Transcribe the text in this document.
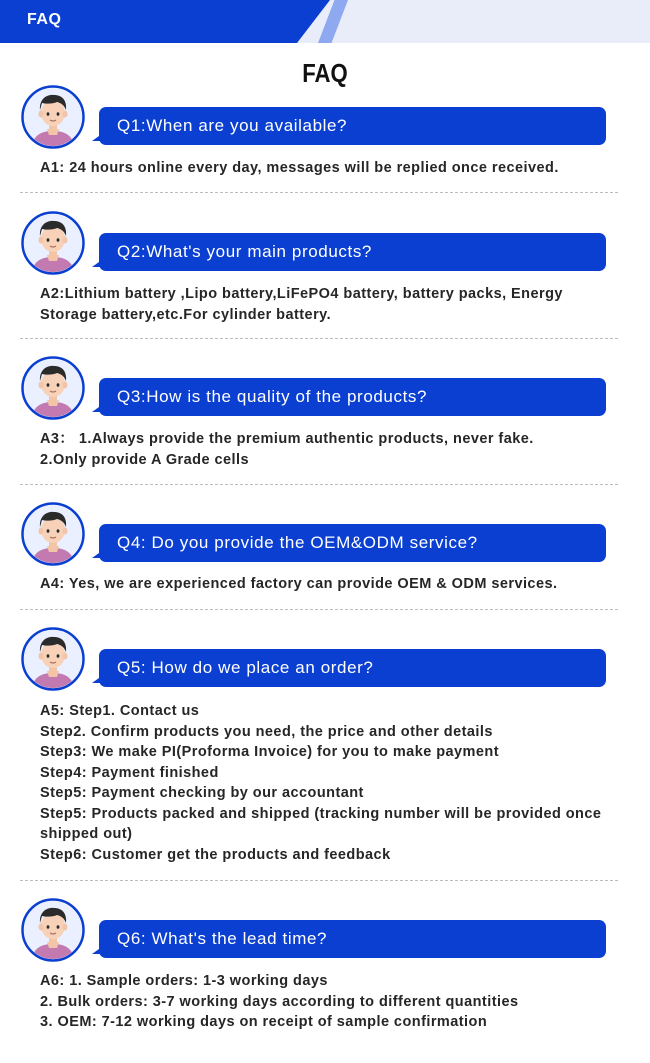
FAQ
FAQ
Q1:When are you available?
A1: 24 hours online every day, messages will be replied once received.
Q2:What's your main products?
A2:Lithium battery ,Lipo battery,LiFePO4 battery, battery packs, Energy Storage battery,etc.For cylinder battery.
Q3:How is the quality of the products?
A3： 1.Always provide the premium authentic products, never fake.
2.Only provide A Grade cells
Q4: Do you provide the OEM&ODM service?
A4: Yes, we are experienced factory can provide OEM & ODM services.
Q5: How do we place an order?
A5: Step1. Contact us
Step2. Confirm products you need, the price and other details
Step3: We make PI(Proforma Invoice) for you to make payment
Step4: Payment finished
Step5: Payment checking by our accountant
Step5: Products packed and shipped (tracking number will be provided once shipped out)
Step6: Customer get the products and feedback
Q6: What's the lead time?
A6: 1. Sample orders: 1-3 working days
2. Bulk orders: 3-7 working days according to different quantities
3. OEM: 7-12 working days on receipt of sample confirmation
